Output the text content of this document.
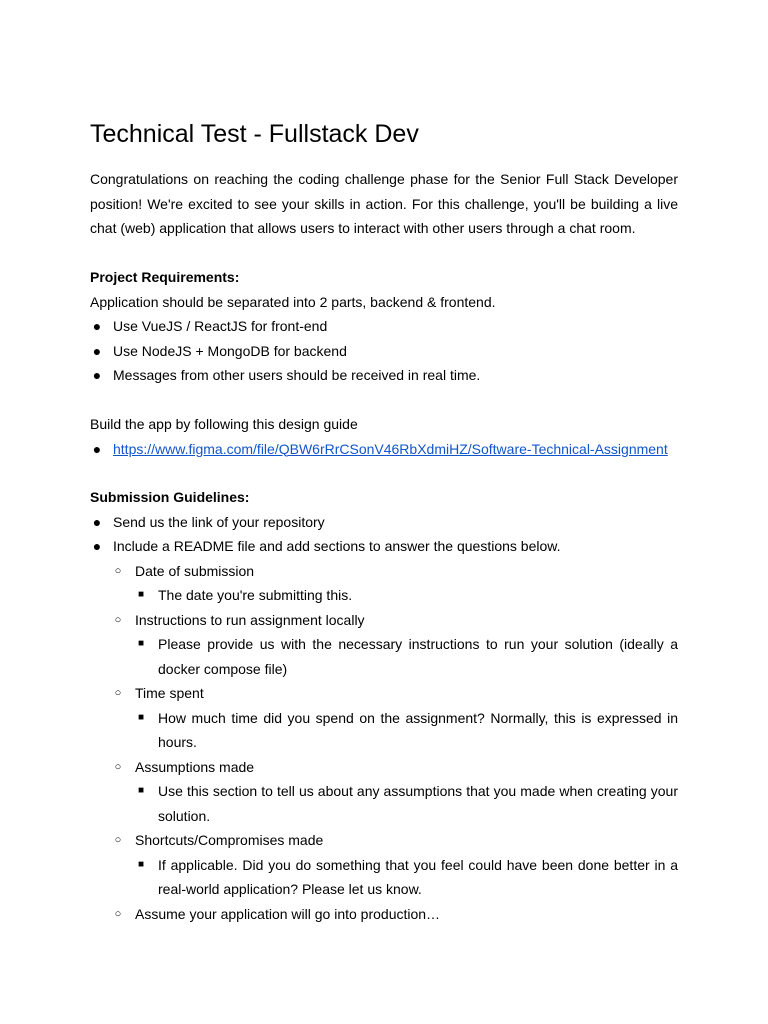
Technical Test - Fullstack Dev

Congratulations on reaching the coding challenge phase for the Senior Full Stack Developer position! We're excited to see your skills in action. For this challenge, you'll be building a live chat (web) application that allows users to interact with other users through a chat room.

Project Requirements:
Application should be separated into 2 parts, backend & frontend.
● Use VueJS / ReactJS for front-end
● Use NodeJS + MongoDB for backend
● Messages from other users should be received in real time.
Build the app by following this design guide
● https://www.figma.com/file/QBW6rRrCSonV46RbXdmiHZ/Software-Technical-Assignment
Submission Guidelines:
● Send us the link of your repository
● Include a README file and add sections to answer the questions below.
○ Date of submission
■ The date you're submitting this.
○ Instructions to run assignment locally
■ Please provide us with the necessary instructions to run your solution (ideally a docker compose file)
○ Time spent
■ How much time did you spend on the assignment? Normally, this is expressed in hours.
○ Assumptions made
■ Use this section to tell us about any assumptions that you made when creating your solution.
○ Shortcuts/Compromises made
■ If applicable. Did you do something that you feel could have been done better in a real-world application? Please let us know.
○ Assume your application will go into production…
